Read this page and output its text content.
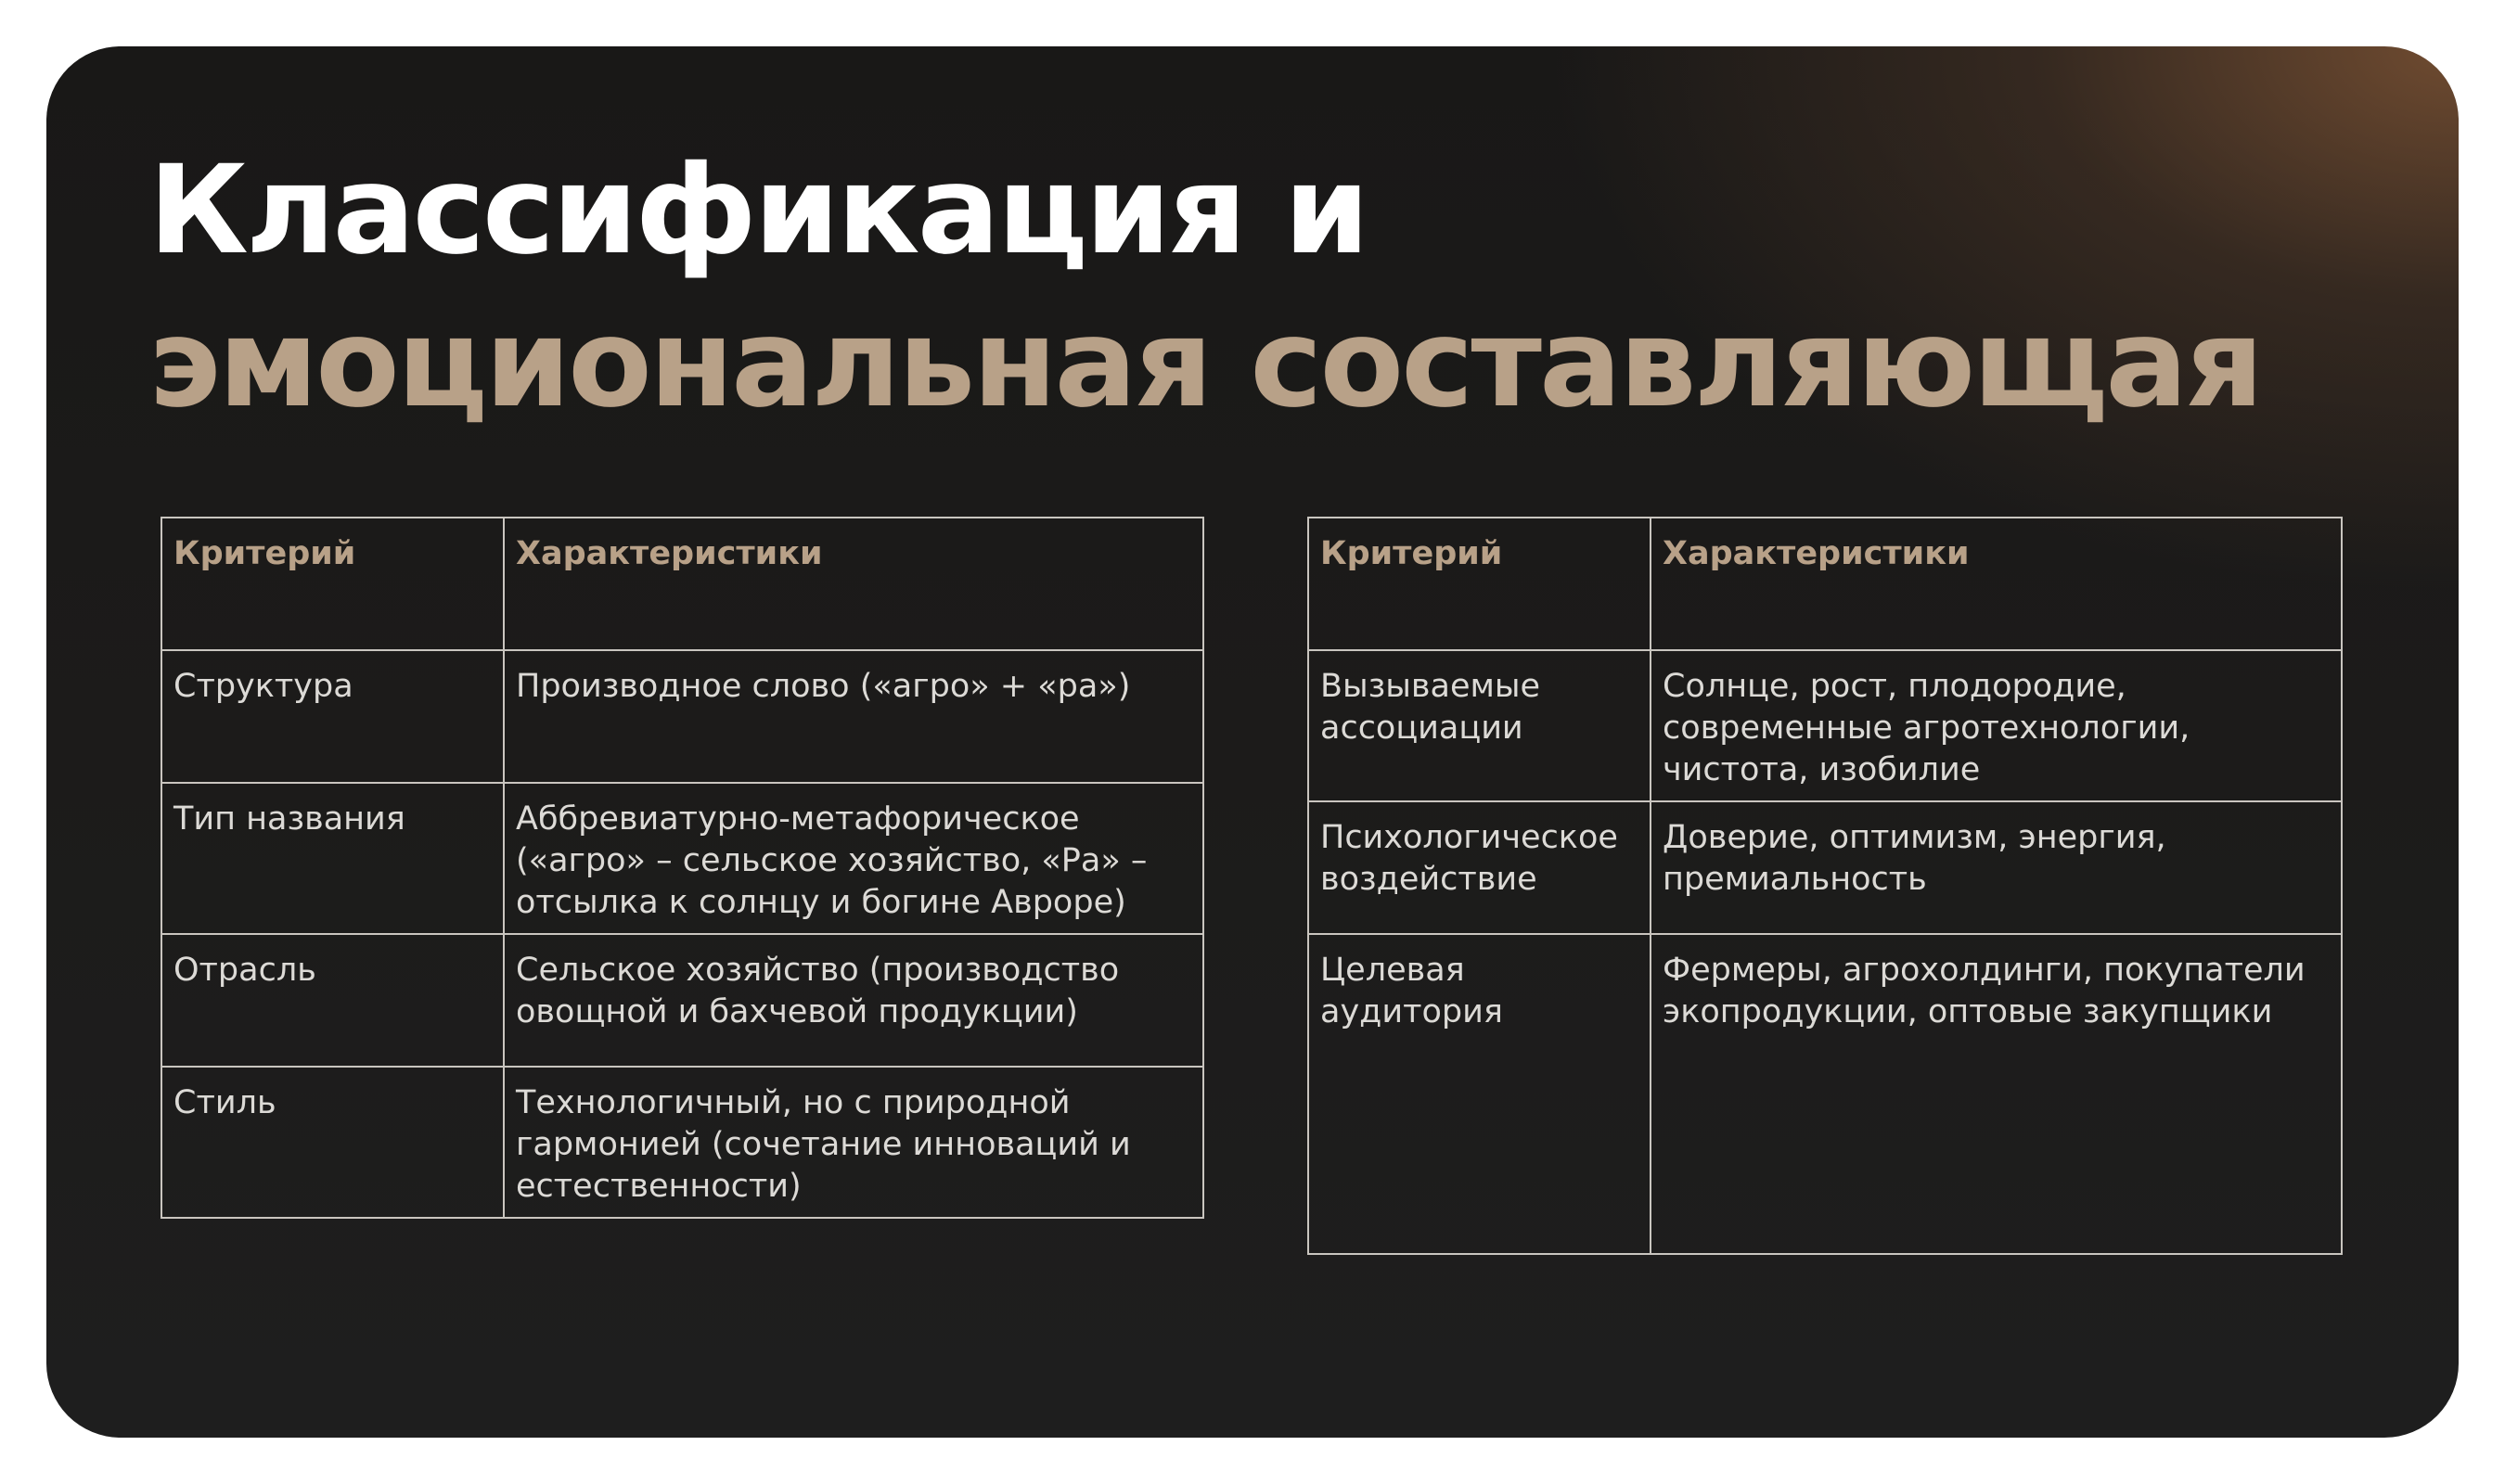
Классификация и
эмоциональная составляющая
Критерий	Характеристики
Структура	Производное слово («агро» + «ра»)
Тип названия	Аббревиатурно-метафорическое («агро» – сельское хозяйство, «Ра» – отсылка к солнцу и богине Авроре)
Отрасль	Сельское хозяйство (производство овощной и бахчевой продукции)
Стиль	Технологичный, но с природной гармонией (сочетание инноваций и естественности)
Критерий	Характеристики
Вызываемые ассоциации	Солнце, рост, плодородие, современные агротехнологии, чистота, изобилие
Психологическое воздействие	Доверие, оптимизм, энергия, премиальность
Целевая аудитория	Фермеры, агрохолдинги, покупатели экопродукции, оптовые закупщики
